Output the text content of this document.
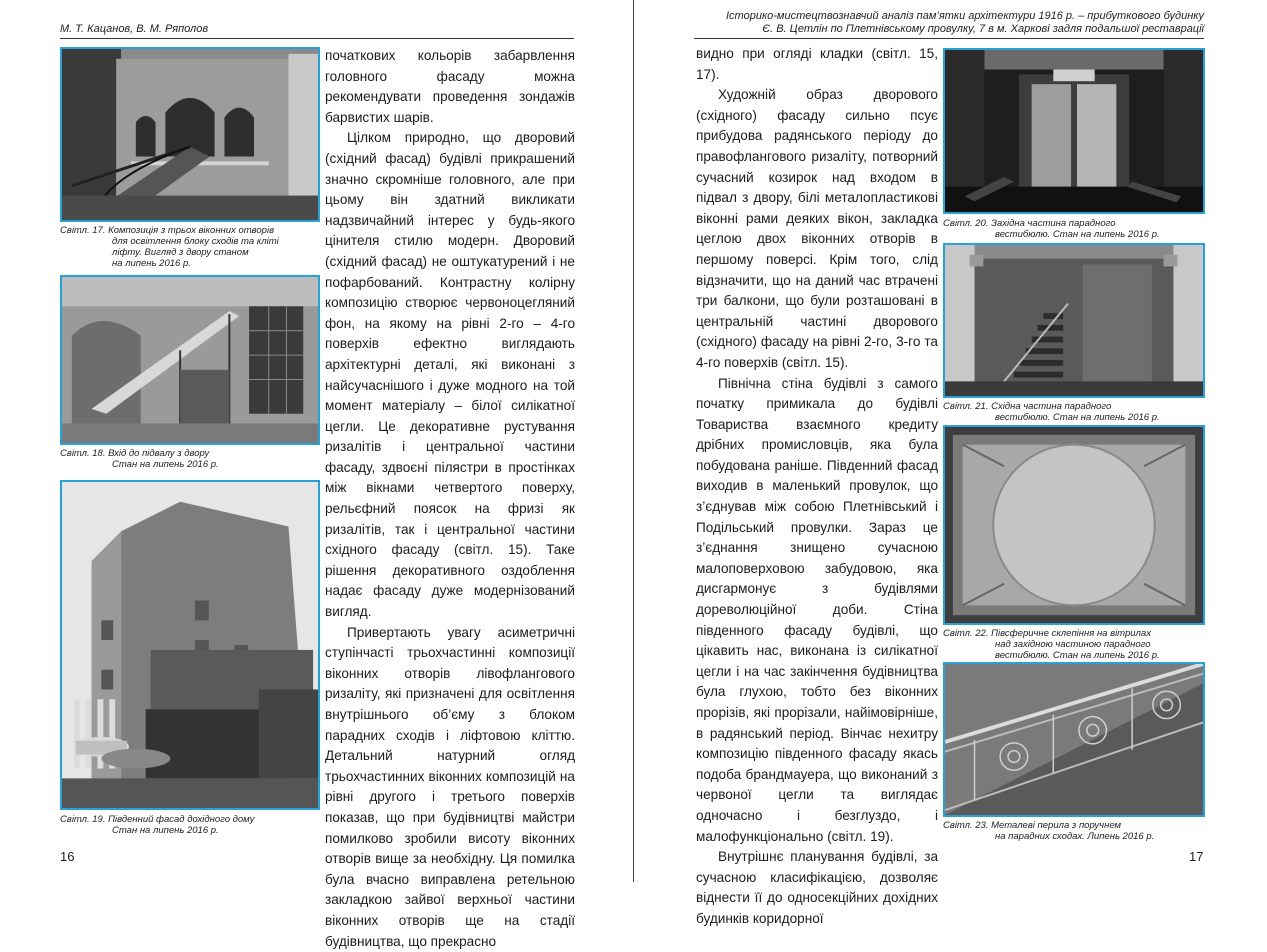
М. Т. Кацанов, В. М. Ряполов
Світл. 17. Композиція з трьох віконних отворів
для освітлення блоку сходів та кліті
ліфту. Вигляд з двору станом
на липень 2016 р.
Світл. 18. Вхід до підвалу з двору
Стан на липень 2016 р.
Світл. 19. Південний фасад дохідного дому
Стан на липень 2016 р.

початкових кольорів забарвлення головного фасаду можна рекомендувати проведення зондажів барвистих шарів.

Цілком природно, що дворовий (східний фасад) будівлі прикрашений значно скромніше головного, але при цьому він здатний викликати надзвичайний інтерес у будь-якого цінителя стилю модерн. Дворовий (східний фасад) не оштукатурений і не пофарбований. Контрастну колірну композицію створює червоноцегляний фон, на якому на рівні 2-го – 4-го поверхів ефектно виглядають архітектурні деталі, які виконані з найсучаснішого і дуже модного на той момент матеріалу – білої силікатної цегли. Це декоративне рустування ризалітів і центральної частини фасаду, здвоєні пілястри в простінках між вікнами четвертого поверху, рельєфний поясок на фризі як ризалітів, так і центральної частини східного фасаду (світл. 15). Таке рішення декоративного оздоблення надає фасаду дуже модернізований вигляд.

Привертають увагу асиметричні ступінчасті трьохчастинні композиції віконних отворів лівофлангового ризаліту, які призначені для освітлення внутрішнього об’єму з блоком парадних сходів і ліфтовою кліттю. Детальний натурний огляд трьохчастинних віконних композицій на рівні другого і третього поверхів показав, що при будівництві майстри помилково зробили висоту віконних отворів вище за необхідну. Ця помилка була вчасно виправлена ретельною закладкою зайвої верхньої частини віконних отворів ще на стадії будівництва, що прекрасно

16
Історико-мистецтвознавчий аналіз пам’ятки архітектури 1916 р. – прибуткового будинку
Є. В. Цетлін по Плетнівському провулку, 7 в м. Харкові задля подальшої реставрації

видно при огляді кладки (світл. 15, 17).

Художній образ дворового (східного) фасаду сильно псує прибудова радянського періоду до правофлангового ризаліту, потворний сучасний козирок над входом в підвал з двору, білі металопластикові віконні рами деяких вікон, закладка цеглою двох віконних отворів в першому поверсі. Крім того, слід відзначити, що на даний час втрачені три балкони, що були розташовані в центральній частині дворового (східного) фасаду на рівні 2-го, 3-го та 4-го поверхів (світл. 15).

Північна стіна будівлі з самого початку примикала до будівлі Товариства взаємного кредиту дрібних промисловців, яка була побудована раніше. Південний фасад виходив в маленький провулок, що з’єднував між собою Плетнівський і Подільський провулки. Зараз це з’єднання знищено сучасною малоповерховою забудовою, яка дисгармонує з будівлями дореволюційної доби. Стіна південного фасаду будівлі, що цікавить нас, виконана із силікатної цегли і на час закінчення будівництва була глухою, тобто без віконних прорізів, які прорізали, найімовірніше, в радянський період. Вінчає нехитру композицію південного фасаду якась подоба брандмауера, що виконаний з червоної цегли та виглядає одночасно і безглуздо, і малофункціонально (світл. 19).

Внутрішнє планування будівлі, за сучасною класифікацією, дозволяє віднести її до односекційних дохідних будинків коридорної

Світл. 20. Західна частина парадного
вестибюлю. Стан на липень 2016 р.
Світл. 21. Східна частина парадного
вестибюлю. Стан на липень 2016 р.
Світл. 22. Півсферичне склепіння на вітрилах
над західною частиною парадного
вестибюлю. Стан на липень 2016 р.
Світл. 23. Металеві перила з поручнем
на парадних сходах. Липень 2016 р.
17
